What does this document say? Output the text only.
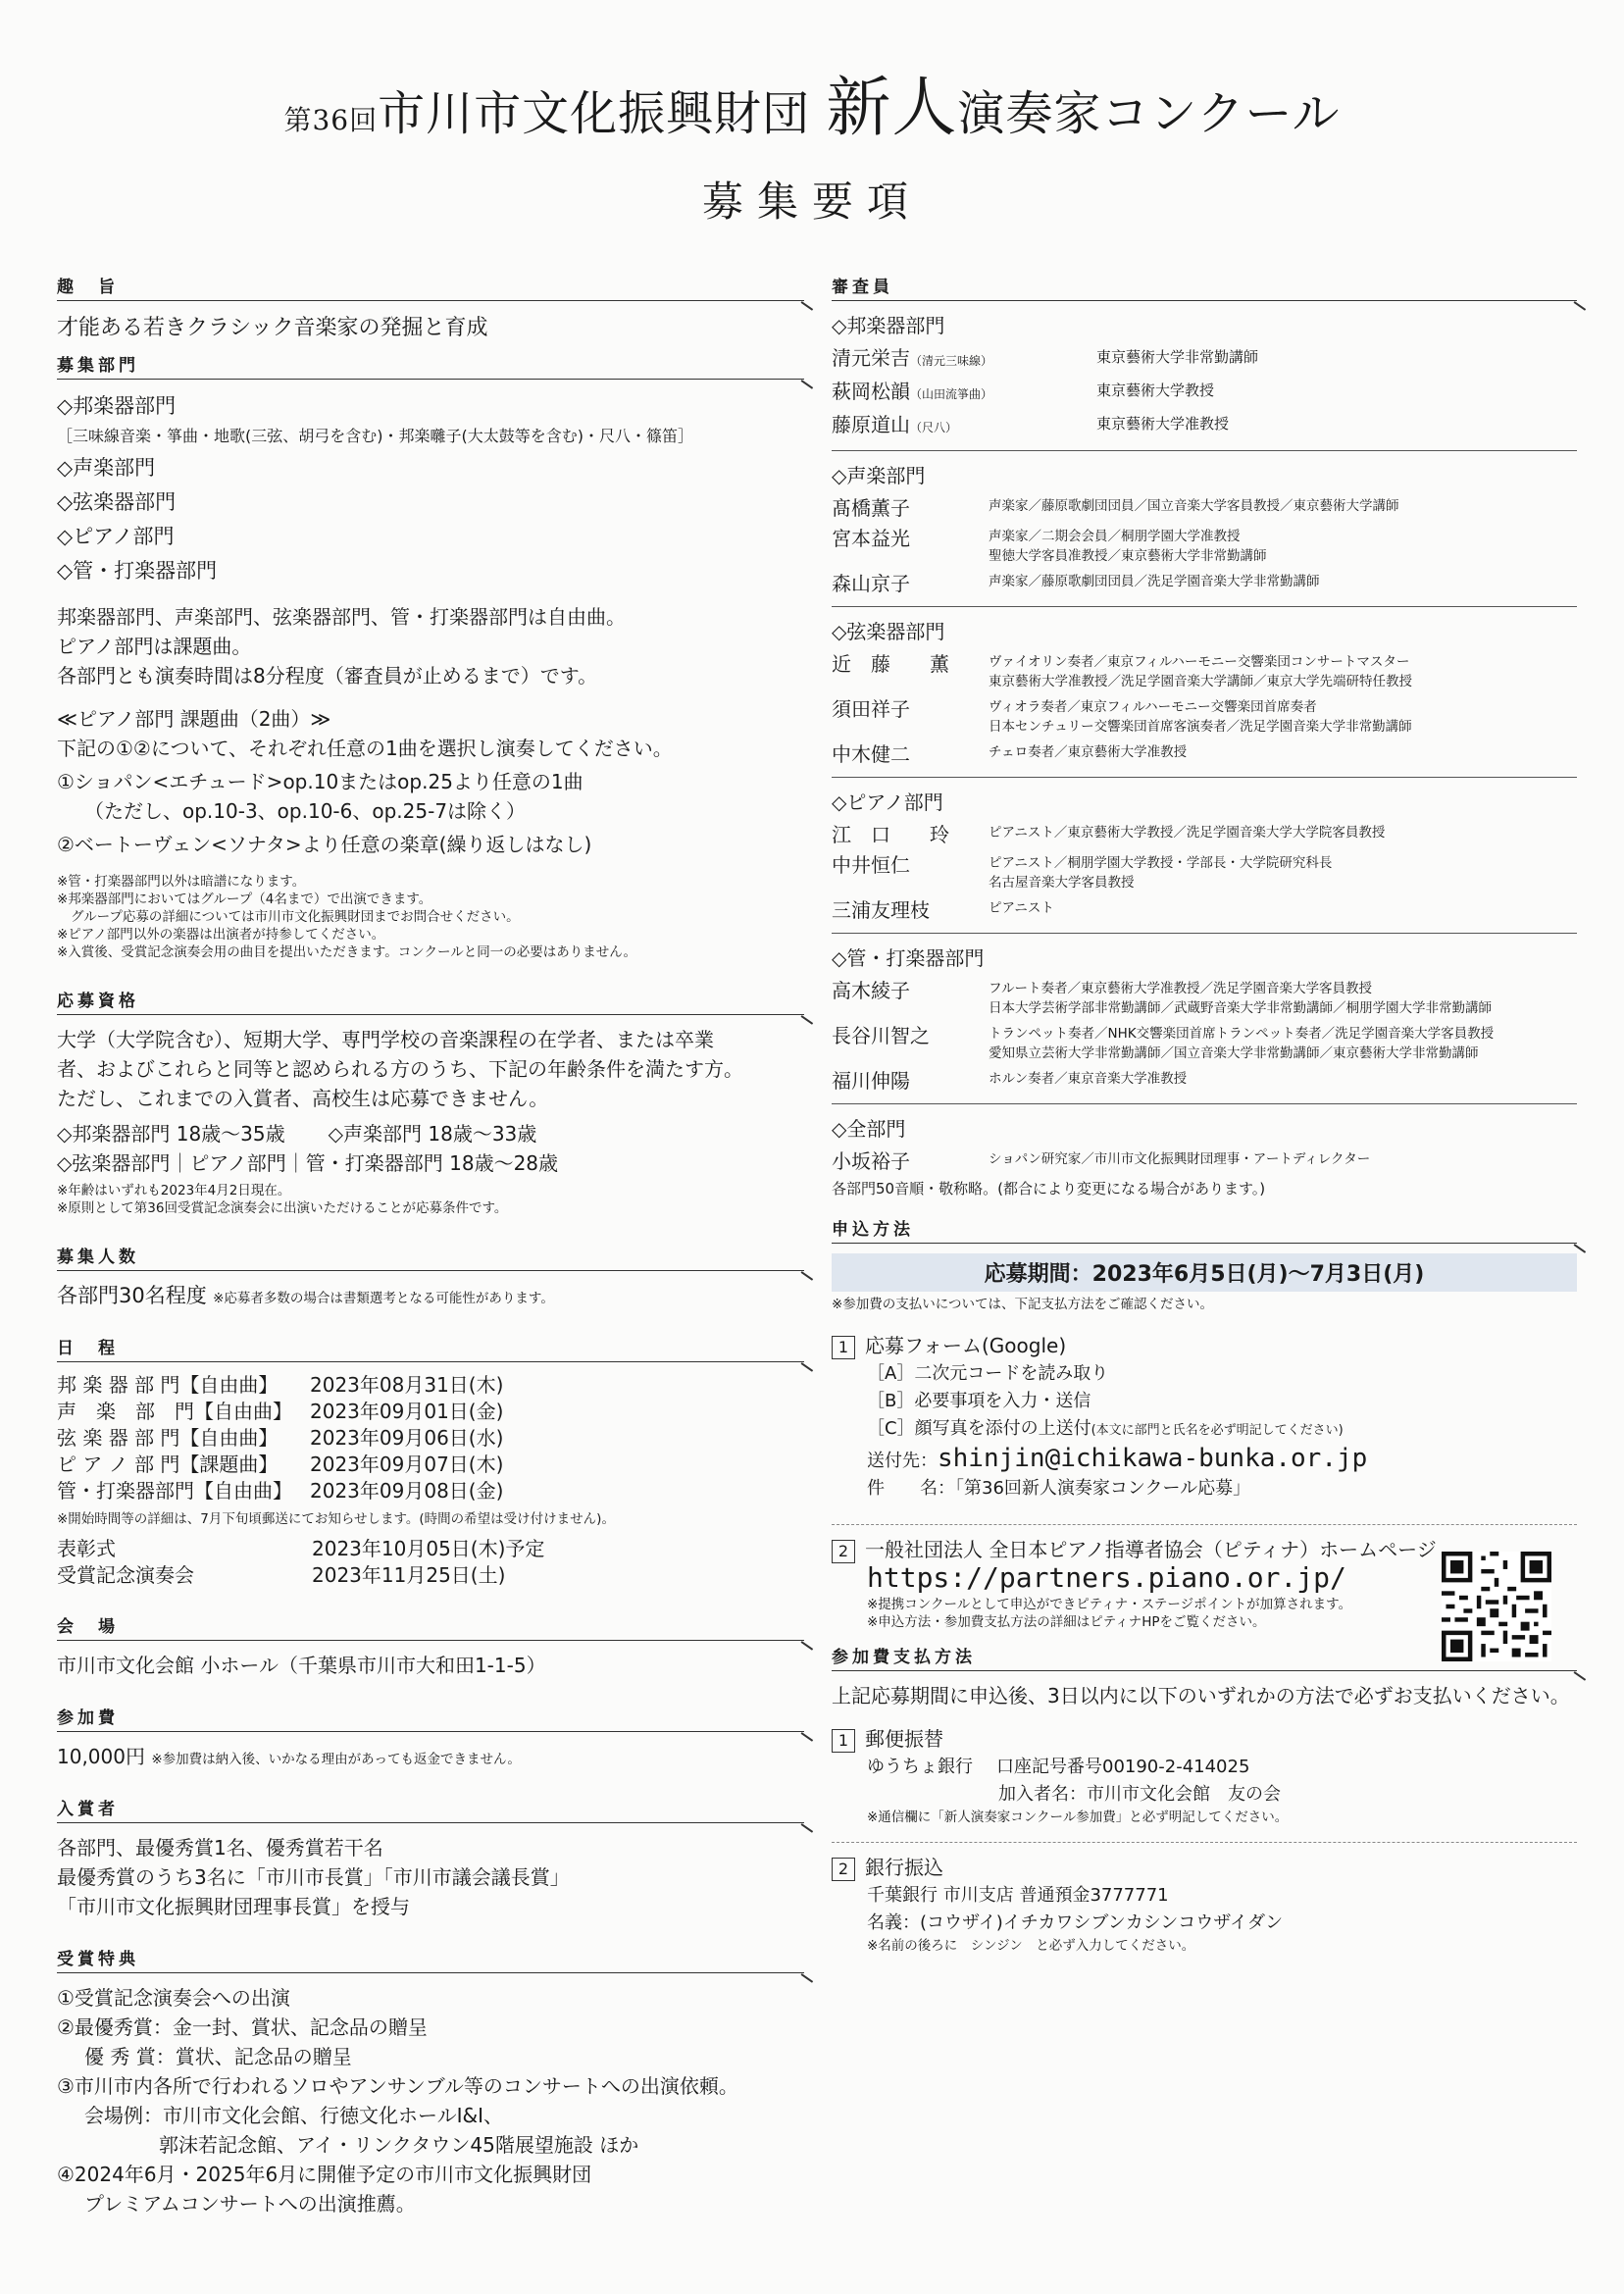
第36回市川市文化振興財団 新人演奏家コンクール
募集要項
趣　旨
才能ある若きクラシック音楽家の発掘と育成
募集部門
◇邦楽器部門
［三味線音楽・箏曲・地歌(三弦、胡弓を含む)・邦楽囃子(大太鼓等を含む)・尺八・篠笛］
◇声楽部門
◇弦楽器部門
◇ピアノ部門
◇管・打楽器部門
邦楽器部門、声楽部門、弦楽器部門、管・打楽器部門は自由曲。
ピアノ部門は課題曲。
各部門とも演奏時間は8分程度（審査員が止めるまで）です。
≪ピアノ部門 課題曲（2曲）≫
下記の①②について、それぞれ任意の1曲を選択し演奏してください。
①ショパン<エチュード>op.10またはop.25より任意の1曲
（ただし、op.10-3、op.10-6、op.25-7は除く）
②ベートーヴェン<ソナタ>より任意の楽章(繰り返しはなし)
※管・打楽器部門以外は暗譜になります。
※邦楽器部門においてはグループ（4名まで）で出演できます。
グループ応募の詳細については市川市文化振興財団までお問合せください。
※ピアノ部門以外の楽器は出演者が持参してください。
※入賞後、受賞記念演奏会用の曲目を提出いただきます。コンクールと同一の必要はありません。
応募資格
大学（大学院含む）、短期大学、専門学校の音楽課程の在学者、または卒業
者、およびこれらと同等と認められる方のうち、下記の年齢条件を満たす方。
ただし、これまでの入賞者、高校生は応募できません。
◇邦楽器部門 18歳〜35歳 ◇声楽部門 18歳〜33歳
◇弦楽器部門｜ピアノ部門｜管・打楽器部門 18歳〜28歳
※年齢はいずれも2023年4月2日現在。
※原則として第36回受賞記念演奏会に出演いただけることが応募条件です。
募集人数
各部門30名程度 ※応募者多数の場合は書類選考となる可能性があります。
日　程
邦 楽 器 部 門【自由曲】	2023年08月31日(木)
声　楽　部　門【自由曲】	2023年09月01日(金)
弦 楽 器 部 門【自由曲】	2023年09月06日(水)
ピ ア ノ 部 門【課題曲】	2023年09月07日(木)
管・打楽器部門【自由曲】	2023年09月08日(金)
※開始時間等の詳細は、7月下旬頃郵送にてお知らせします。(時間の希望は受け付けません)。
表彰式	2023年10月05日(木)予定
受賞記念演奏会	2023年11月25日(土)
会　場
市川市文化会館 小ホール（千葉県市川市大和田1-1-5）
参加費
10,000円 ※参加費は納入後、いかなる理由があっても返金できません。
入賞者
各部門、最優秀賞1名、優秀賞若干名
最優秀賞のうち3名に「市川市長賞」「市川市議会議長賞」
「市川市文化振興財団理事長賞」を授与
受賞特典
①受賞記念演奏会への出演
②最優秀賞：金一封、賞状、記念品の贈呈
優 秀 賞：賞状、記念品の贈呈
③市川市内各所で行われるソロやアンサンブル等のコンサートへの出演依頼。
会場例：市川市文化会館、行徳文化ホールI&I、
郭沫若記念館、アイ・リンクタウン45階展望施設 ほか
④2024年6月・2025年6月に開催予定の市川市文化振興財団
プレミアムコンサートへの出演推薦。
審査員
◇邦楽器部門
清元栄吉（清元三味線）	東京藝術大学非常勤講師
萩岡松韻（山田流箏曲）	東京藝術大学教授
藤原道山（尺八）	東京藝術大学准教授
◇声楽部門
髙橋薫子	声楽家／藤原歌劇団団員／国立音楽大学客員教授／東京藝術大学講師
宮本益光	声楽家／二期会会員／桐朋学園大学准教授
聖徳大学客員准教授／東京藝術大学非常勤講師
森山京子	声楽家／藤原歌劇団団員／洗足学園音楽大学非常勤講師
◇弦楽器部門
近　藤　　薫	ヴァイオリン奏者／東京フィルハーモニー交響楽団コンサートマスター
東京藝術大学准教授／洗足学園音楽大学講師／東京大学先端研特任教授
須田祥子	ヴィオラ奏者／東京フィルハーモニー交響楽団首席奏者
日本センチュリー交響楽団首席客演奏者／洗足学園音楽大学非常勤講師
中木健二	チェロ奏者／東京藝術大学准教授
◇ピアノ部門
江　口　　玲	ピアニスト／東京藝術大学教授／洗足学園音楽大学大学院客員教授
中井恒仁	ピアニスト／桐朋学園大学教授・学部長・大学院研究科長
名古屋音楽大学客員教授
三浦友理枝	ピアニスト
◇管・打楽器部門
高木綾子	フルート奏者／東京藝術大学准教授／洗足学園音楽大学客員教授
日本大学芸術学部非常勤講師／武蔵野音楽大学非常勤講師／桐朋学園大学非常勤講師
長谷川智之	トランペット奏者／NHK交響楽団首席トランペット奏者／洗足学園音楽大学客員教授
愛知県立芸術大学非常勤講師／国立音楽大学非常勤講師／東京藝術大学非常勤講師
福川伸陽	ホルン奏者／東京音楽大学准教授
◇全部門
小坂裕子	ショパン研究家／市川市文化振興財団理事・アートディレクター
各部門50音順・敬称略。(都合により変更になる場合があります。)
申込方法
応募期間：2023年6月5日(月)〜7月3日(月)
※参加費の支払いについては、下記支払方法をご確認ください。
1 応募フォーム(Google)
［A］二次元コードを読み取り
［B］必要事項を入力・送信
［C］顔写真を添付の上送付(本文に部門と氏名を必ず明記してください)
送付先：shinjin@ichikawa-bunka.or.jp
件　　名：「第36回新人演奏家コンクール応募」
2 一般社団法人 全日本ピアノ指導者協会（ピティナ）ホームページ
https://partners.piano.or.jp/
※提携コンクールとして申込ができピティナ・ステージポイントが加算されます。
※申込方法・参加費支払方法の詳細はピティナHPをご覧ください。
参加費支払方法
上記応募期間に申込後、3日以内に以下のいずれかの方法で必ずお支払いください。
1 郵便振替
ゆうちょ銀行 口座記号番号00190-2-414025
加入者名：市川市文化会館　友の会
※通信欄に「新人演奏家コンクール参加費」と必ず明記してください。
2 銀行振込
千葉銀行 市川支店 普通預金3777771
名義：(コウザイ)イチカワシブンカシンコウザイダン
※名前の後ろに　シンジン　と必ず入力してください。
